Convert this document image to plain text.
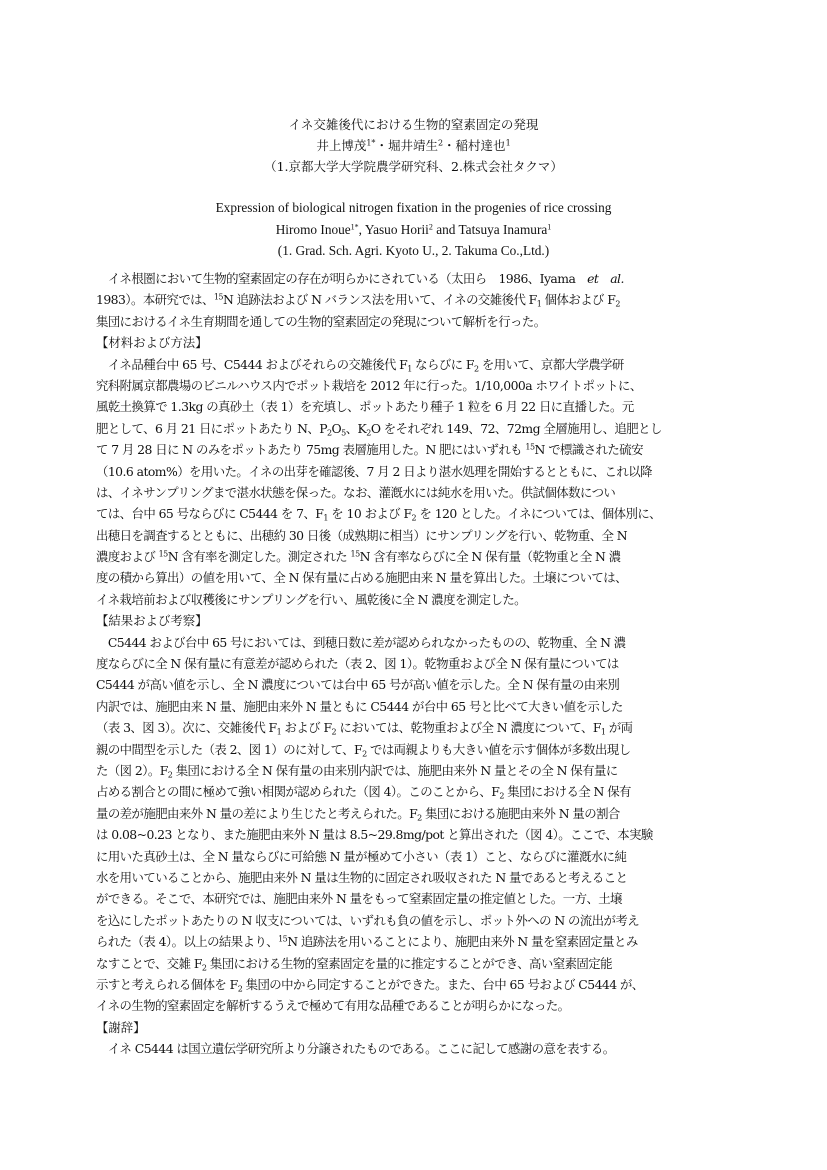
イネ交雑後代における生物的窒素固定の発現
井上博茂$^{1*}$・堀井靖生$^2$・稲村達也$^1$
（1.京都大学大学院農学研究科、2.株式会社タクマ）
Expression of biological nitrogen fixation in the progenies of rice crossing
Hiromo Inoue$^{1*}$, Yasuo Horii$^2$ and Tatsuya Inamura$^1$
(1. Grad. Sch. Agri. Kyoto U., 2. Takuma Co.,Ltd.)
　イネ根圏において生物的窒素固定の存在が明らかにされている（太田ら　1986、Iyama　et　al.
1983）。本研究では、$^{15}$N 追跡法および N バランス法を用いて、イネの交雑後代 $F_1$ 個体および $F_2$
集団におけるイネ生育期間を通しての生物的窒素固定の発現について解析を行った。
【材料および方法】
　イネ品種台中 65 号、C5444 およびそれらの交雑後代 $F_1$ ならびに $F_2$ を用いて、京都大学農学研
究科附属京都農場のビニルハウス内でポット栽培を 2012 年に行った。1/10,000a ホワイトポットに、
風乾土換算で 1.3kg の真砂土（表 1）を充填し、ポットあたり種子 1 粒を 6 月 22 日に直播した。元
肥として、6 月 21 日にポットあたり N、$P_2O_5$、$K_2O$ をそれぞれ 149、72、72mg 全層施用し、追肥とし
て 7 月 28 日に N のみをポットあたり 75mg 表層施用した。N 肥にはいずれも $^{15}$N で標識された硫安
（10.6 atom%）を用いた。イネの出芽を確認後、7 月 2 日より湛水処理を開始するとともに、これ以降
は、イネサンプリングまで湛水状態を保った。なお、灌漑水には純水を用いた。供試個体数につい
ては、台中 65 号ならびに C5444 を 7、$F_1$ を 10 および $F_2$ を 120 とした。イネについては、個体別に、
出穂日を調査するとともに、出穂約 30 日後（成熟期に相当）にサンプリングを行い、乾物重、全 N
濃度および $^{15}$N 含有率を測定した。測定された $^{15}$N 含有率ならびに全 N 保有量（乾物重と全 N 濃
度の積から算出）の値を用いて、全 N 保有量に占める施肥由来 N 量を算出した。土壌については、
イネ栽培前および収穫後にサンプリングを行い、風乾後に全 N 濃度を測定した。
【結果および考察】
　C5444 および台中 65 号においては、到穂日数に差が認められなかったものの、乾物重、全 N 濃
度ならびに全 N 保有量に有意差が認められた（表 2、図 1）。乾物重および全 N 保有量については
C5444 が高い値を示し、全 N 濃度については台中 65 号が高い値を示した。全 N 保有量の由来別
内訳では、施肥由来 N 量、施肥由来外 N 量ともに C5444 が台中 65 号と比べて大きい値を示した
（表 3、図 3）。次に、交雑後代 $F_1$ および $F_2$ においては、乾物重および全 N 濃度について、$F_1$ が両
親の中間型を示した（表 2、図 1）のに対して、$F_2$ では両親よりも大きい値を示す個体が多数出現し
た（図 2）。$F_2$ 集団における全 N 保有量の由来別内訳では、施肥由来外 N 量とその全 N 保有量に
占める割合との間に極めて強い相関が認められた（図 4）。このことから、$F_2$ 集団における全 N 保有
量の差が施肥由来外 N 量の差により生じたと考えられた。$F_2$ 集団における施肥由来外 N 量の割合
は 0.08~0.23 となり、また施肥由来外 N 量は 8.5~29.8mg/pot と算出された（図 4）。ここで、本実験
に用いた真砂土は、全 N 量ならびに可給態 N 量が極めて小さい（表 1）こと、ならびに灌漑水に純
水を用いていることから、施肥由来外 N 量は生物的に固定され吸収された N 量であると考えること
ができる。そこで、本研究では、施肥由来外 N 量をもって窒素固定量の推定値とした。一方、土壌
を込にしたポットあたりの N 収支については、いずれも負の値を示し、ポット外への N の流出が考え
られた（表 4）。以上の結果より、$^{15}$N 追跡法を用いることにより、施肥由来外 N 量を窒素固定量とみ
なすことで、交雑 $F_2$ 集団における生物的窒素固定を量的に推定することができ、高い窒素固定能
示すと考えられる個体を $F_2$ 集団の中から同定することができた。また、台中 65 号および C5444 が、
イネの生物的窒素固定を解析するうえで極めて有用な品種であることが明らかになった。
【謝辞】
　イネ C5444 は国立遺伝学研究所より分譲されたものである。ここに記して感謝の意を表する。
